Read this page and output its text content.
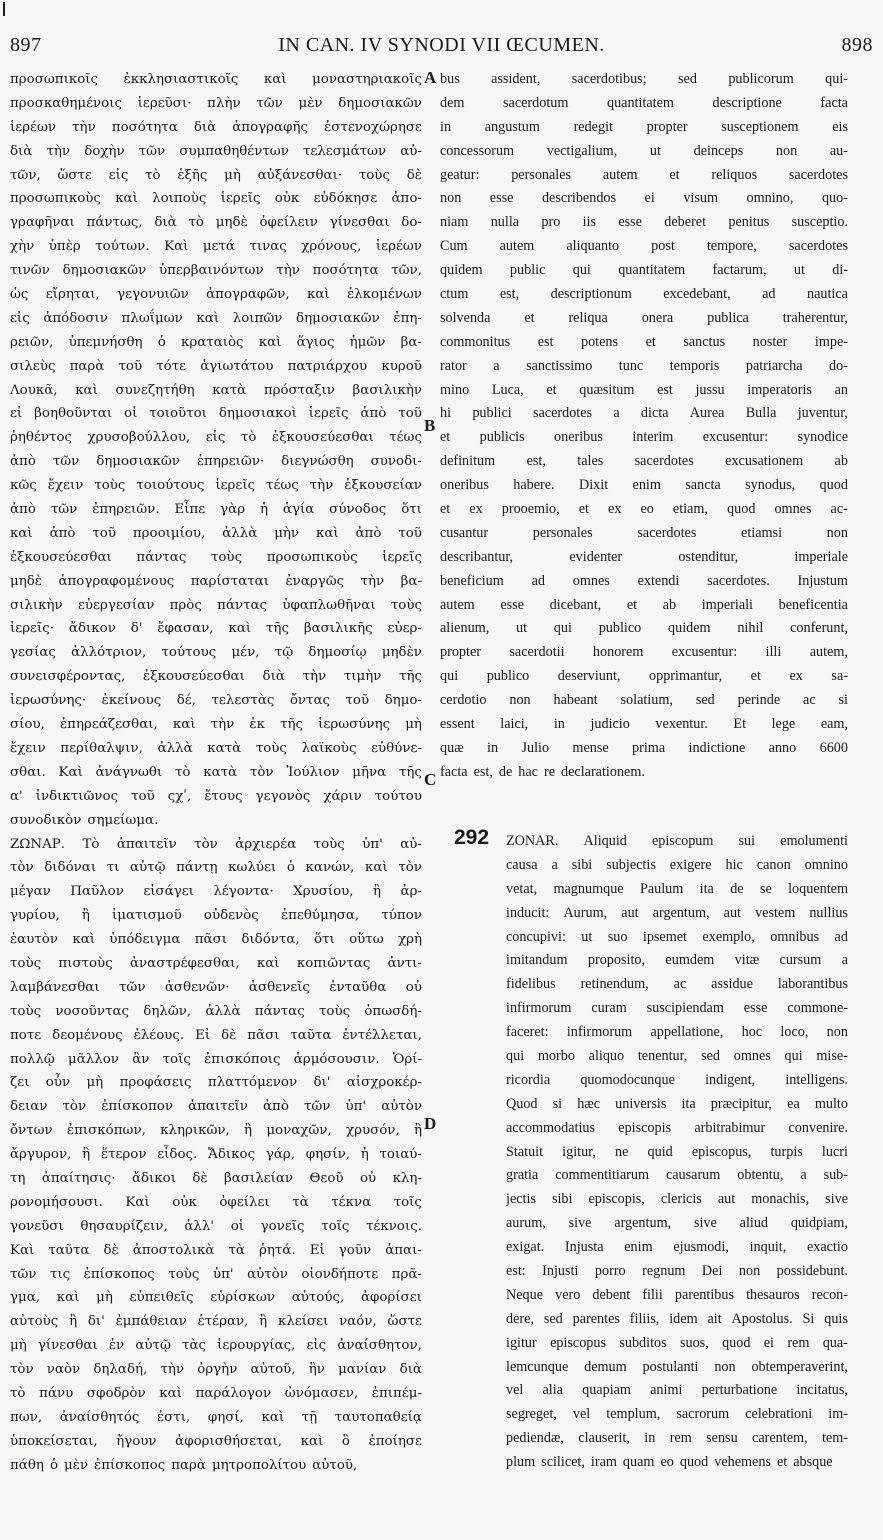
897	IN CAN. IV SYNODI VII ŒCUMEN.	898
προσωπικοῖς ἐκκλησιαστικοῖς καὶ μοναστηριακοῖς
προσκαθημένοις ἱερεῦσι· πλὴν τῶν μὲν δημοσιακῶν
ἱερέων τὴν ποσότητα διὰ ἀπογραφῆς ἐστενοχώρησε
διὰ τὴν δοχὴν τῶν συμπαθηθέντων τελεσμάτων αὐ-
τῶν, ὥστε εἰς τὸ ἑξῆς μὴ αὐξάνεσθαι· τοὺς δὲ
προσωπικοὺς καὶ λοιποὺς ἱερεῖς οὐκ εὐδόκησε ἀπο-
γραφῆναι πάντως, διὰ τὸ μηδὲ ὀφείλειν γίνεσθαι δο-
χὴν ὑπὲρ τούτων. Καὶ μετά τινας χρόνους, ἱερέων
τινῶν δημοσιακῶν ὑπερβαινόντων τὴν ποσότητα τῶν,
ὡς εἴρηται, γεγονυιῶν ἀπογραφῶν, καὶ ἑλκομένων
εἰς ἀπόδοσιν πλωΐμων καὶ λοιπῶν δημοσιακῶν ἐπη-
ρειῶν, ὑπεμνήσθη ὁ κραταιὸς καὶ ἅγιος ἡμῶν βα-
σιλεὺς παρὰ τοῦ τότε ἁγιωτάτου πατριάρχου κυροῦ
Λουκᾶ, καὶ συνεζητήθη κατὰ πρόσταξιν βασιλικὴν
εἰ βοηθοῦνται οἱ τοιοῦτοι δημοσιακοὶ ἱερεῖς ἀπὸ τοῦ
ῥηθέντος χρυσοβούλλου, εἰς τὸ ἐξκουσεύεσθαι τέως
ἀπὸ τῶν δημοσιακῶν ἐπηρειῶν· διεγνώσθη συνοδι-
κῶς ἔχειν τοὺς τοιούτους ἱερεῖς τέως τὴν ἐξκουσείαν
ἀπὸ τῶν ἐπηρειῶν. Εἶπε γὰρ ἡ ἁγία σύνοδος ὅτι
καὶ ἀπὸ τοῦ προοιμίου, ἀλλὰ μὴν καὶ ἀπὸ τοῦ
ἐξκουσεύεσθαι πάντας τοὺς προσωπικοὺς ἱερεῖς
μηδὲ ἀπογραφομένους παρίσταται ἐναργῶς τὴν βα-
σιλικὴν εὐεργεσίαν πρὸς πάντας ὑφαπλωθῆναι τοὺς
ἱερεῖς· ἄδικον δ' ἔφασαν, καὶ τῆς βασιλικῆς εὐερ-
γεσίας ἀλλότριον, τούτους μέν, τῷ δημοσίῳ μηδὲν
συνεισφέροντας, ἐξκουσεύεσθαι διὰ τὴν τιμὴν τῆς
ἱερωσύνης· ἐκείνους δέ, τελεστὰς ὄντας τοῦ δημο-
σίου, ἐπηρεάζεσθαι, καὶ τὴν ἐκ τῆς ἱερωσύνης μὴ
ἔχειν περίθαλψιν, ἀλλὰ κατὰ τοὺς λαϊκοὺς εὐθύνε-
σθαι. Καὶ ἀνάγνωθι τὸ κατὰ τὸν Ἰούλιον μῆνα τῆς
α' ἰνδικτιῶνος τοῦ ςχʹ, ἔτους γεγονὸς χάριν τούτου
συνοδικὸν σημείωμα.
ΖΩΝΑΡ. Τὸ ἀπαιτεῖν τὸν ἀρχιερέα τοὺς ὑπ' αὐ-
τὸν διδόναι τι αὐτῷ πάντῃ κωλύει ὁ κανών, καὶ τὸν
μέγαν Παῦλον εἰσάγει λέγοντα· Χρυσίου, ἢ ἀρ-
γυρίου, ἢ ἱματισμοῦ οὐδενὸς ἐπεθύμησα, τύπον
ἑαυτὸν καὶ ὑπόδειγμα πᾶσι διδόντα, ὅτι οὕτω χρὴ
τοὺς πιστοὺς ἀναστρέφεσθαι, καὶ κοπιῶντας ἀντι-
λαμβάνεσθαι τῶν ἀσθενῶν· ἀσθενεῖς ἐνταῦθα οὐ
τοὺς νοσοῦντας δηλῶν, ἀλλὰ πάντας τοὺς ὁπωσδή-
ποτε δεομένους ἐλέους. Εἰ δὲ πᾶσι ταῦτα ἐντέλλεται,
πολλῷ μᾶλλον ἂν τοῖς ἐπισκόποις ἁρμόσουσιν. Ὁρί-
ζει οὖν μὴ προφάσεις πλαττόμενον δι' αἰσχροκέρ-
δειαν τὸν ἐπίσκοπον ἀπαιτεῖν ἀπὸ τῶν ὑπ' αὐτὸν
ὄντων ἐπισκόπων, κληρικῶν, ἢ μοναχῶν, χρυσόν, ἢ
ἄργυρον, ἢ ἕτερον εἶδος. Ἄδικος γάρ, φησίν, ἡ τοιαύ-
τη ἀπαίτησις· ἄδικοι δὲ βασιλείαν Θεοῦ οὐ κλη-
ρονομήσουσι. Καὶ οὐκ ὀφείλει τὰ τέκνα τοῖς
γονεῦσι θησαυρίζειν, ἀλλ' οἱ γονεῖς τοῖς τέκνοις.
Καὶ ταῦτα δὲ ἀποστολικὰ τὰ ῥητά. Εἰ γοῦν ἀπαι-
τῶν τις ἐπίσκοπος τοὺς ὑπ' αὐτὸν οἱονδήποτε πρᾶ-
γμα, καὶ μὴ εὐπειθεῖς εὑρίσκων αὐτούς, ἀφορίσει
αὐτοὺς ἢ δι' ἐμπάθειαν ἑτέραν, ἢ κλείσει ναόν, ὥστε
μὴ γίνεσθαι ἐν αὐτῷ τὰς ἱερουργίας, εἰς ἀναίσθητον,
τὸν ναὸν δηλαδή, τὴν ὀργὴν αὐτοῦ, ἣν μανίαν διὰ
τὸ πάνυ σφοδρὸν καὶ παράλογον ὠνόμασεν, ἐπιπέμ-
πων, ἀναίσθητός ἐστι, φησί, καὶ τῇ ταυτοπαθείᾳ
ὑποκείσεται, ἤγουν ἀφορισθήσεται, καὶ ὃ ἐποίησε
πάθη ὁ μὲν ἐπίσκοπος παρὰ μητροπολίτου αὐτοῦ,
bus assident, sacerdotibus; sed publicorum qui-
dem	sacerdotum	quantitatem	descriptione	facta
in angustum redegit propter susceptionem eis
concessorum vectigalium, ut deinceps non au-
geatur: personales autem et reliquos sacerdotes
non esse describendos ei visum omnino, quo-
niam nulla pro iis esse deberet penitus susceptio.
Cum autem aliquanto post tempore, sacerdotes
quidem public qui quantitatem factarum, ut di-
ctum est, descriptionum excedebant, ad nautica
solvenda et reliqua onera publica traherentur,
commonitus est potens et sanctus noster impe-
rator a sanctissimo tunc temporis patriarcha do-
mino Luca, et quæsitum est jussu imperatoris an
hi publici sacerdotes a dicta Aurea Bulla juventur,
et publicis oneribus interim excusentur: synodice
definitum est, tales sacerdotes excusationem ab
oneribus habere. Dixit enim sancta synodus, quod
et ex prooemio, et ex eo etiam, quod omnes ac-
cusantur	personales	sacerdotes	etiamsi	non
describantur,	evidenter	ostenditur,	imperiale
beneficium ad omnes extendi sacerdotes. Injustum
autem esse dicebant, et ab imperiali beneficentia
alienum, ut qui publico quidem nihil conferunt,
propter sacerdotii honorem excusentur: illi autem,
qui publico deserviunt, opprimantur, et ex sa-
cerdotio non habeant solatium, sed perinde ac si
essent laici, in judicio vexentur. Et lege eam,
quæ in Julio mense prima indictione anno 6600
facta est, de hac re declarationem.
292 ZONAR. Aliquid episcopum sui emolumenti
causa a sibi subjectis exigere hic canon omnino
vetat, magnumque Paulum ita de se loquentem
inducit: Aurum, aut argentum, aut vestem nullius
concupivi: ut suo ipsemet exemplo, omnibus ad
imitandum proposito, eumdem vitæ cursum a
fidelibus retinendum, ac assidue laborantibus
infirmorum curam suscipiendam esse commone-
faceret: infirmorum appellatione, hoc loco, non
qui morbo aliquo tenentur, sed omnes qui mise-
ricordia quomodocunque indigent, intelligens.
Quod si hæc universis ita præcipitur, ea multo
accommodatius episcopis arbitrabimur convenire.
Statuit igitur, ne quid episcopus, turpis lucri
gratia commentitiarum causarum obtentu, a sub-
jectis sibi episcopis, clericis aut monachis, sive
aurum, sive argentum, sive aliud quidpiam,
exigat. Injusta enim ejusmodi, inquit, exactio
est: Injusti porro regnum Dei non possidebunt.
Neque vero debent filii parentibus thesauros recon-
dere, sed parentes filiis, idem ait Apostolus. Si quis
igitur episcopus subditos suos, quod ei rem qua-
lemcunque demum postulanti non obtemperaverint,
vel alia quapiam animi perturbatione incitatus,
segreget, vel templum, sacrorum celebrationi im-
pediendæ, clauserit, in rem sensu carentem, tem-
plum scilicet, iram quam eo quod vehemens et absque
A
B
C
D
